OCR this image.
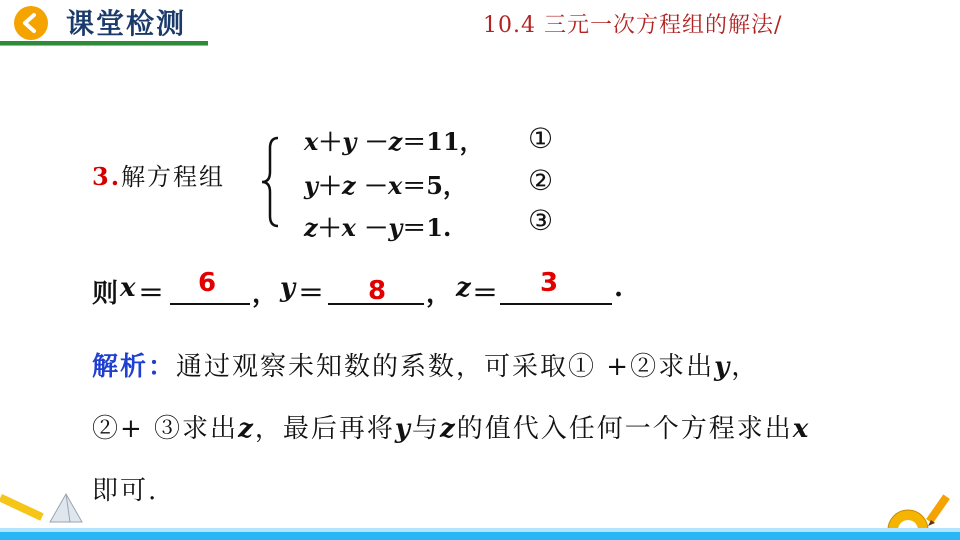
课堂检测	10.4 三元一次方程组的解法/
3.解方程组
x＋y －z＝11，
y＋z －x＝5，
z＋x －y＝1.
①
②
③
则 x ＝ 6 ， y ＝ 8 ， z ＝ 3 .
解析：通过观察未知数的系数，可采取① +②求出y，
②+ ③求出z，最后再将y与z的值代入任何一个方程求出x
即可.
